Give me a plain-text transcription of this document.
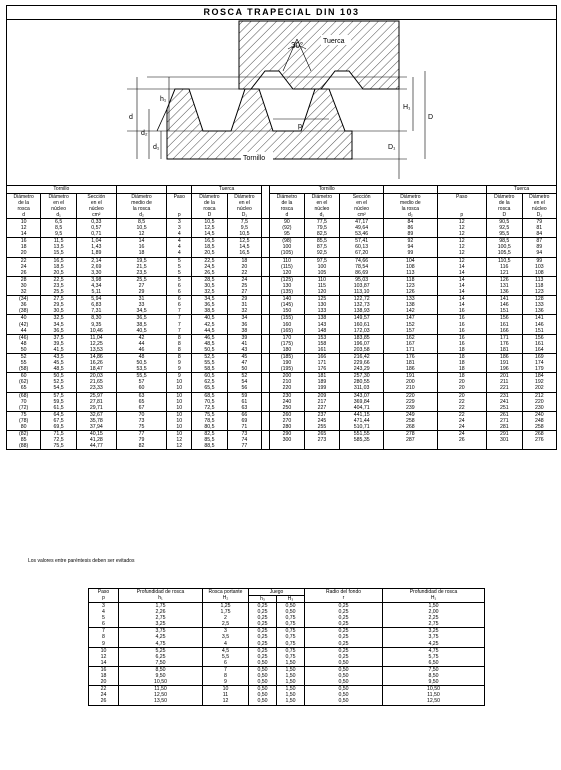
ROSCA TRAPECIAL DIN 103
30°	Tuerca
Tornillo
d
d₂
d₁
h₁
p
H₁
D
D₁
Tornillo					Tuerca			Tornillo					Tuerca	
Diámetro
de la
rosca
d	Diámetro
en el
núcleo
d₁	Sección
en el
núcleo
cm²	Diámetro
medio de
la rosca
d₂	Paso

p	Diámetro
de la
rosca
D	Diámetro
en el
núcleo
D₁		Diámetro
de la
rosca
d	Diámetro
en el
núcleo
d₁	Sección
en el
núcleo
cm²	Diámetro
medio de
la rosca
d₂	Paso

p	Diámetro
de la
rosca
D	Diámetro
en el
núcleo
D₁
10	6,5	0,33	8,5	3	10,5	7,5		90	77,5	47,17	84	12	90,5	79
12	8,5	0,57	10,5	3	12,5	9,5		(92)	79,5	49,64	86	12	92,5	81
14	9,5	0,71	12	4	14,5	10,5		95	82,5	53,46	89	12	95,5	84
16	11,5	1,04	14	4	16,5	12,5		(98)	85,5	57,41	92	12	98,5	87
18	13,5	1,43	16	4	18,5	14,5		100	87,5	60,13	94	12	100,5	89
20	15,5	1,89	18	4	20,5	16,5		(105)	92,5	67,20	99	12	105,5	94
22	16,5	2,14	19,5	5	22,5	18		110	97,5	74,66	104	12	110,5	99
24	18,5	2,69	21,5	5	24,5	20		(115)	100	78,54	108	14	116	103
26	20,5	3,30	23,5	5	26,5	22		120	105	86,69	113	14	121	108
28	22,5	3,98	25,5	5	28,5	24		(125)	110	95,03	118	14	126	113
30	23,5	4,34	27	6	30,5	25		130	115	103,87	123	14	131	118
32	25,5	5,11	29	6	32,5	27		(135)	120	113,10	126	14	136	123
(34)	27,5	5,94	31	6	34,5	29		140	125	122,72	133	14	141	128
36	29,5	6,83	33	6	36,5	31		(145)	130	132,73	138	14	146	133
(38)	30,5	7,31	34,5	7	38,5	32		150	133	138,93	142	16	151	136
40	32,5	8,30	36,5	7	40,5	34		(155)	138	149,57	147	16	156	141
(42)	34,5	9,35	38,5	7	42,5	36		160	143	160,61	152	16	161	146
44	36,5	10,46	40,5	7	44,5	38		(165)	148	172,03	157	16	166	151
(46)	37,5	11,04	42	8	46,5	39		170	153	183,85	162	16	171	156
48	39,5	12,25	44	8	48,5	41		(175)	158	196,07	167	16	176	161
50	41,5	13,53	46	8	50,5	43		180	161	203,58	171	18	181	164
52	43,5	14,86	48	8	52,5	45		(185)	166	216,42	176	18	186	169
55	45,5	16,26	50,5	9	55,5	47		190	171	229,66	181	18	191	174
(58)	48,5	18,47	53,5	9	58,5	50		(195)	176	243,29	186	18	196	179
60	50,5	20,03	55,5	9	60,5	52		200	181	257,30	191	18	201	184
(62)	52,5	21,65	57	10	62,5	54		210	189	280,55	200	20	211	192
65	54,5	23,33	60	10	65,5	56		220	199	311,03	210	20	221	202
(68)	57,5	25,97	63	10	68,5	59		230	209	343,07	220	20	231	212
70	59,5	27,81	65	10	70,5	61		240	217	369,84	229	22	241	220
(72)	61,5	29,71	67	10	72,5	63		250	227	404,71	239	22	251	230
75	64,5	32,67	70	10	75,5	66		260	237	441,15	249	22	261	240
(78)	67,5	35,78	73	10	78,5	69		270	245	471,44	258	24	271	248
80	69,5	37,94	75	10	80,5	71		280	255	510,71	268	24	281	258
(82)	71,5	40,15	77	10	82,5	73		290	265	551,55	278	24	291	268
85	72,5	41,28	79	12	85,5	74		300	273	585,35	287	26	301	276
(88)	75,5	44,77	82	12	88,5	77								
Los valores entre paréntesis deben ser evitados
Paso
p	Profundidad de rosca
h₁	Rosca portante
H₂	Juego		Radio del fondo
r	Profundidad de rosca
H₁
			h₃	H₃		
3	1,75	1,25	0,25	0,50	0,25	1,50
4	2,26	1,75	0,25	0,50	0,25	2,00
5	2,75	2	0,25	0,75	0,25	2,25
6	3,25	2,5	0,25	0,75	0,25	2,75
7	3,75	3	0,25	0,75	0,25	3,25
8	4,25	3,5	0,25	0,75	0,25	3,75
9	4,75	4	0,25	0,75	0,25	4,25
10	5,25	4,5	0,25	0,75	0,25	4,75
12	6,25	5,5	0,25	0,75	0,25	5,75
14	7,50	6	0,50	1,50	0,50	6,50
16	8,50	7	0,50	1,50	0,50	7,50
18	9,50	8	0,50	1,50	0,50	8,50
20	10,50	9	0,50	1,50	0,50	9,50
22	11,50	10	0,50	1,50	0,50	10,50
24	12,50	11	0,50	1,50	0,50	11,50
26	13,50	12	0,50	1,50	0,50	12,50
